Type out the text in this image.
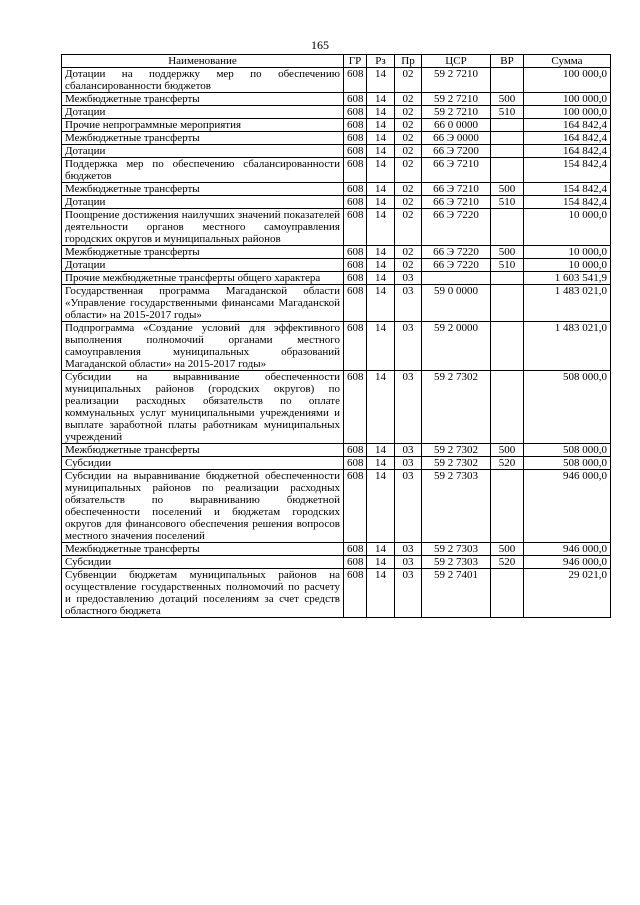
165
Наименование	ГР	Рз	Пр	ЦСР	ВР	Сумма
Дотации на поддержку мер по обеспечению сбалансированности бюджетов	608	14	02	59 2 7210		100 000,0
Межбюджетные трансферты	608	14	02	59 2 7210	500	100 000,0
Дотации	608	14	02	59 2 7210	510	100 000,0
Прочие непрограммные мероприятия	608	14	02	66 0 0000		164 842,4
Межбюджетные трансферты	608	14	02	66 Э 0000		164 842,4
Дотации	608	14	02	66 Э 7200		164 842,4
Поддержка мер по обеспечению сбалансированности бюджетов	608	14	02	66 Э 7210		154 842,4
Межбюджетные трансферты	608	14	02	66 Э 7210	500	154 842,4
Дотации	608	14	02	66 Э 7210	510	154 842,4
Поощрение достижения наилучших значений показателей деятельности органов местного самоуправления городских округов и муниципальных районов	608	14	02	66 Э 7220		10 000,0
Межбюджетные трансферты	608	14	02	66 Э 7220	500	10 000,0
Дотации	608	14	02	66 Э 7220	510	10 000,0
Прочие межбюджетные трансферты общего характера	608	14	03			1 603 541,9
Государственная программа Магаданской области «Управление государственными финансами Магаданской области» на 2015-2017 годы»	608	14	03	59 0 0000		1 483 021,0
Подпрограмма «Создание условий для эффективного выполнения полномочий органами местного самоуправления муниципальных образований Магаданской области» на 2015-2017 годы»	608	14	03	59 2 0000		1 483 021,0
Субсидии на выравнивание обеспеченности муниципальных районов (городских округов) по реализации расходных обязательств по оплате коммунальных услуг муниципальными учреждениями и выплате заработной платы работникам муниципальных учреждений	608	14	03	59 2 7302		508 000,0
Межбюджетные трансферты	608	14	03	59 2 7302	500	508 000,0
Субсидии	608	14	03	59 2 7302	520	508 000,0
Субсидии на выравнивание бюджетной обеспеченности муниципальных районов по реализации расходных обязательств по выравниванию бюджетной обеспеченности поселений и бюджетам городских округов для финансового обеспечения решения вопросов местного значения поселений	608	14	03	59 2 7303		946 000,0
Межбюджетные трансферты	608	14	03	59 2 7303	500	946 000,0
Субсидии	608	14	03	59 2 7303	520	946 000,0
Субвенции бюджетам муниципальных районов на осуществление государственных полномочий по расчету и предоставлению дотаций поселениям за счет средств областного бюджета	608	14	03	59 2 7401		29 021,0
